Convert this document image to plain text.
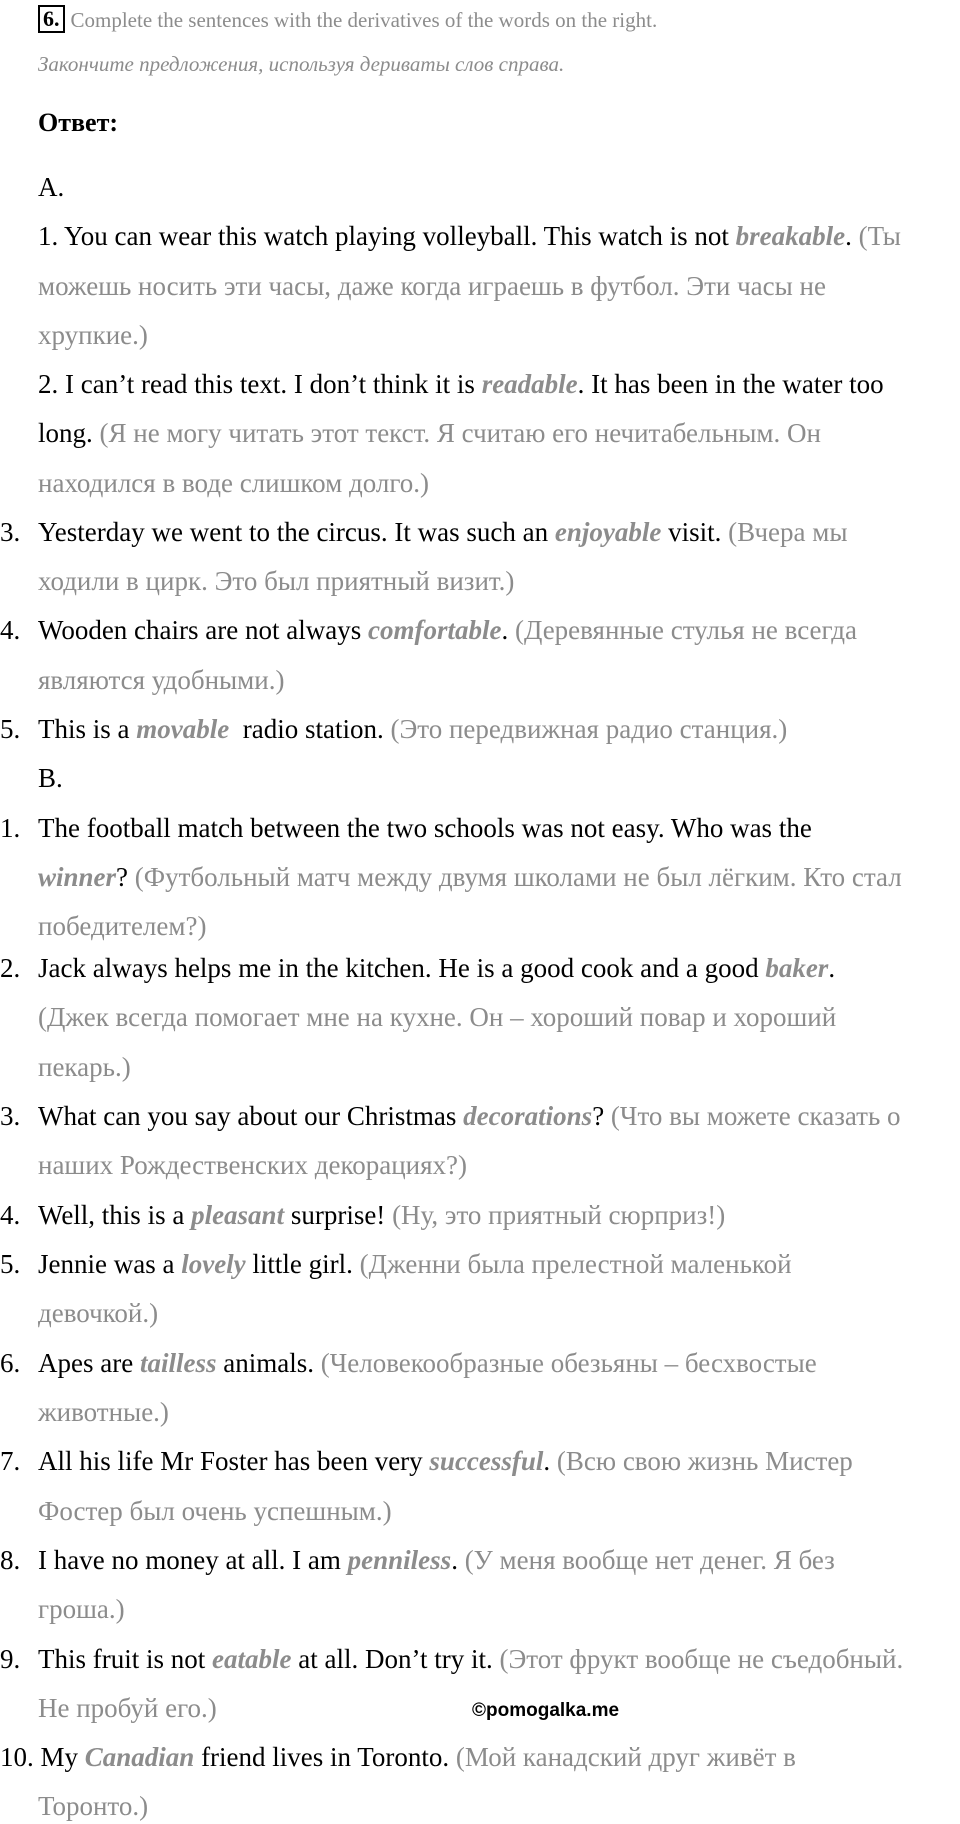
6. Complete the sentences with the derivatives of the words on the right.
Закончите предложения, используя дериваты слов справа.
Ответ:
A.
1. You can wear this watch playing volleyball. This watch is not breakable. (Ты
можешь носить эти часы, даже когда играешь в футбол. Эти часы не
хрупкие.)
2. I can’t read this text. I don’t think it is readable. It has been in the water too
long. (Я не могу читать этот текст. Я считаю его нечитабельным. Он
находился в воде слишком долго.)
3. Yesterday we went to the circus. It was such an enjoyable visit. (Вчера мы
ходили в цирк. Это был приятный визит.)
4. Wooden chairs are not always comfortable. (Деревянные стулья не всегда
являются удобными.)
5. This is a movable  radio station. (Это передвижная радио станция.)
B.
1. The football match between the two schools was not easy. Who was the
winner? (Футбольный матч между двумя школами не был лёгким. Кто стал
победителем?)
2. Jack always helps me in the kitchen. He is a good cook and a good baker.
(Джек всегда помогает мне на кухне. Он – хороший повар и хороший
пекарь.)
3. What can you say about our Christmas decorations? (Что вы можете сказать о
наших Рождественских декорациях?)
4. Well, this is a pleasant surprise! (Ну, это приятный сюрприз!)
5. Jennie was a lovely little girl. (Дженни была прелестной маленькой
девочкой.)
6. Apes are tailless animals. (Человекообразные обезьяны – бесхвостые
животные.)
7. All his life Mr Foster has been very successful. (Всю свою жизнь Мистер
Фостер был очень успешным.)
8. I have no money at all. I am penniless. (У меня вообще нет денег. Я без
гроша.)
9. This fruit is not eatable at all. Don’t try it. (Этот фрукт вообще не съедобный.
Не пробуй его.)	©pomogalka.me
10. My Canadian friend lives in Toronto. (Мой канадский друг живёт в
Торонто.)
